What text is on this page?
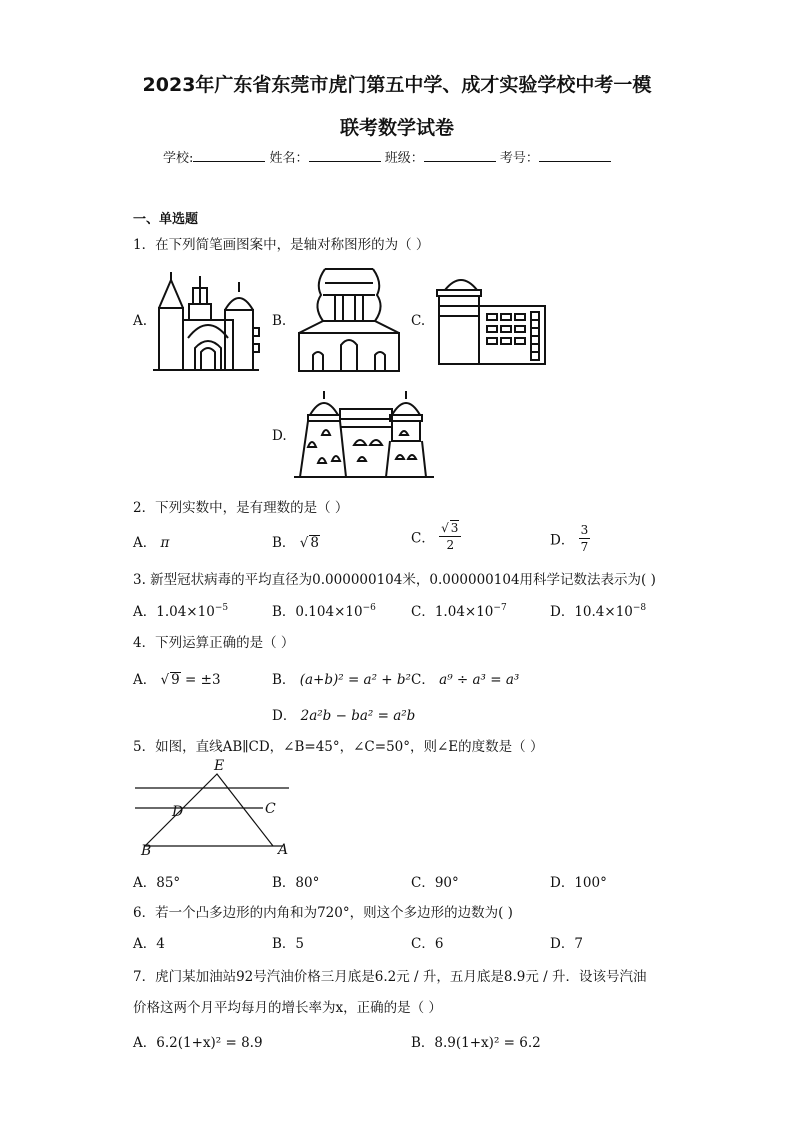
2023年广东省东莞市虎门第五中学、成才实验学校中考一模
联考数学试卷
学校:	姓名：	班级：	考号：
一、单选题
1．在下列简笔画图案中，是轴对称图形的为（ ）
A.	B.	C.
D.
2．下列实数中，是有理数的是（ ）
A． π	B． √ 8	C． $\frac{√ 3}{2}$	D． $\frac{3}{7}$
3. 新型冠状病毒的平均直径为0.000000104米，0.000000104用科学记数法表示为( )
A．$1.04\times 10^{-5}$	B．$0.104\times 10^{-6}$	C．$1.04\times 10^{-7}$	D．$10.4\times 10^{-8}$
4．下列运算正确的是（ ）
A． √ 9 = ±3	B． (a+b)² = a² + b² C． a⁹ ÷ a³ = a³
D． 2a²b − ba² = a²b
5．如图，直线AB∥CD，∠B=45°，∠C=50°，则∠E的度数是（ ）
E
D	C
B	A
A．85°	B．80°	C．90°	D．100°
6．若一个凸多边形的内角和为720°，则这个多边形的边数为( )
A．4	B．5	C．6	D．7
7．虎门某加油站92号汽油价格三月底是6.2元 / 升，五月底是8.9元 / 升．设该号汽油
价格这两个月平均每月的增长率为x，正确的是（ ）
A．6.2(1+x)² = 8.9	B．8.9(1+x)² = 6.2
